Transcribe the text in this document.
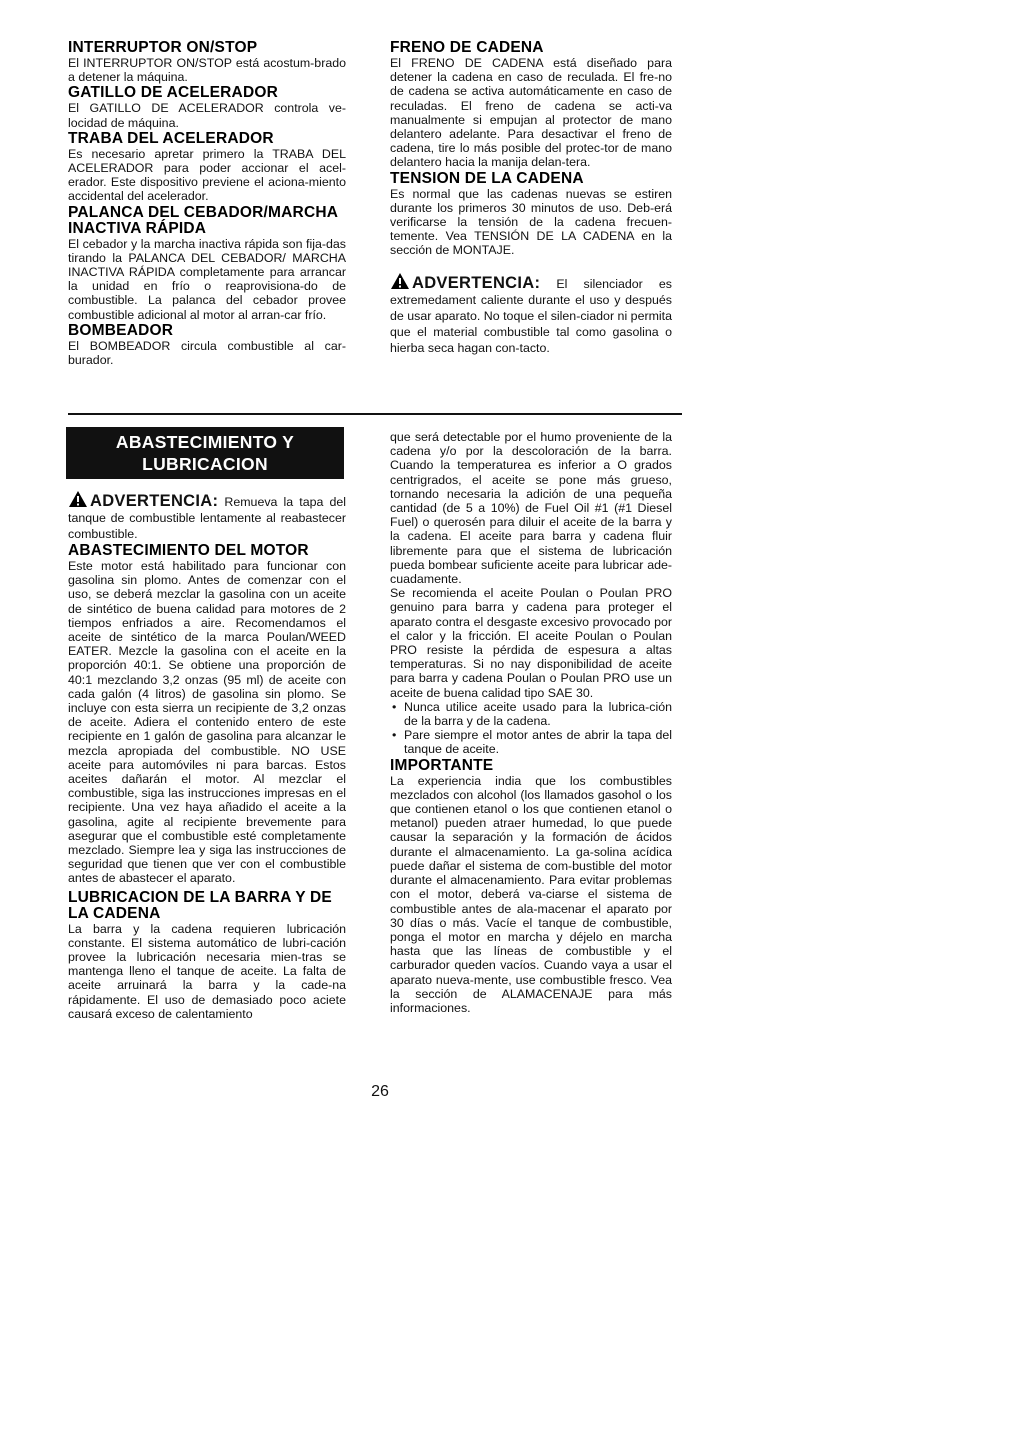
INTERRUPTOR ON/STOP

El INTERRUPTOR ON/STOP está acostum-brado a detener la máquina.

GATILLO DE ACELERADOR

El GATILLO DE ACELERADOR controla ve-locidad de máquina.

TRABA DEL ACELERADOR

Es necesario apretar primero la TRABA DEL ACELERADOR para poder accionar el acel-erador. Este dispositivo previene el aciona-miento accidental del acelerador.

PALANCA DEL CEBADOR/MARCHA INACTIVA RÁPIDA

El cebador y la marcha inactiva rápida son fija-das tirando la PALANCA DEL CEBADOR/ MARCHA INACTIVA RÁPIDA completamente para arrancar la unidad en frío o reaprovisiona-do de combustible. La palanca del cebador provee combustible adicional al motor al arran-car frío.

BOMBEADOR

El BOMBEADOR circula combustible al car-burador.

FRENO DE CADENA

El FRENO DE CADENA está diseñado para detener la cadena en caso de reculada. El fre-no de cadena se activa automáticamente en caso de reculadas. El freno de cadena se acti-va manualmente si empujan al protector de mano delantero adelante. Para desactivar el freno de cadena, tire lo más posible del protec-tor de mano delantero hacia la manija delan-tera.

TENSION DE LA CADENA

Es normal que las cadenas nuevas se estiren durante los primeros 30 minutos de uso. Deb-erá verificarse la tensión de la cadena frecuen-temente. Vea TENSIÓN DE LA CADENA en la sección de MONTAJE.

ADVERTENCIA: El silenciador es extremedament caliente durante el uso y después de usar aparato. No toque el silen-ciador ni permita que el material combustible tal como gasolina o hierba seca hagan con-tacto.

ABASTECIMIENTO Y
LUBRICACION

ADVERTENCIA: Remueva la tapa del tanque de combustible lentamente al reabastecer combustible.

ABASTECIMIENTO DEL MOTOR

Este motor está habilitado para funcionar con gasolina sin plomo. Antes de comenzar con el uso, se deberá mezclar la gasolina con un aceite de sintético de buena calidad para motores de 2 tiempos enfriados a aire. Recomendamos el aceite de sintético de la marca Poulan/WEED EATER. Mezcle la gasolina con el aceite en la proporción 40:1. Se obtiene una proporción de 40:1 mezclando 3,2 onzas (95 ml) de aceite con cada galón (4 litros) de gasolina sin plomo. Se incluye con esta sierra un recipiente de 3,2 onzas de aceite. Adiera el contenido entero de este recipiente en 1 galón de gasolina para alcanzar le mezcla apropiada del combustible. NO USE aceite para automóviles ni para barcas. Estos aceites dañarán el motor. Al mezclar el combustible, siga las instrucciones impresas en el recipiente. Una vez haya añadido el aceite a la gasolina, agite al recipiente brevemente para asegurar que el combustible esté completamente mezclado. Siempre lea y siga las instrucciones de seguridad que tienen que ver con el combustible antes de abastecer el aparato.

LUBRICACION DE LA BARRA Y DE LA CADENA

La barra y la cadena requieren lubricación constante. El sistema automático de lubri-cación provee la lubricación necesaria mien-tras se mantenga lleno el tanque de aceite. La falta de aceite arruinará la barra y la cade-na rápidamente. El uso de demasiado poco aciete causará exceso de calentamiento

que será detectable por el humo proveniente de la cadena y/o por la descoloración de la barra. Cuando la temperaturea es inferior a O grados centrigrados, el aceite se pone más grueso, tornando necesaria la adición de una pequeña cantidad (de 5 a 10%) de Fuel Oil #1 (#1 Diesel Fuel) o querosén para diluir el aceite de la barra y la cadena. El aceite para barra y cadena fluir libremente para que el sistema de lubricación pueda bombear suficiente aceite para lubricar ade-cuadamente.

Se recomienda el aceite Poulan o Poulan PRO genuino para barra y cadena para proteger el aparato contra el desgaste excesivo provocado por el calor y la fricción. El aceite Poulan o Poulan PRO resiste la pérdida de espesura a altas temperaturas. Si no nay disponibilidad de aceite para barra y cadena Poulan o Poulan PRO use un aceite de buena calidad tipo SAE 30.

• Nunca utilice aceite usado para la lubrica-ción de la barra y de la cadena.
• Pare siempre el motor antes de abrir la tapa del tanque de aceite.

IMPORTANTE

La experiencia india que los combustibles mezclados con alcohol (los llamados gasohol o los que contienen etanol o los que contienen etanol o metanol) pueden atraer humedad, lo que puede causar la separación y la formación de ácidos durante el almacenamiento. La ga-solina acídica puede dañar el sistema de com-bustible del motor durante el almacenamiento. Para evitar problemas con el motor, deberá va-ciarse el sistema de combustible antes de ala-macenar el aparato por 30 días o más. Vacíe el tanque de combustible, ponga el motor en marcha y déjelo en marcha hasta que las líneas de combustible y el carburador queden vacíos. Cuando vaya a usar el aparato nueva-mente, use combustible fresco. Vea la sección de ALAMACENAJE para más informaciones.

26
